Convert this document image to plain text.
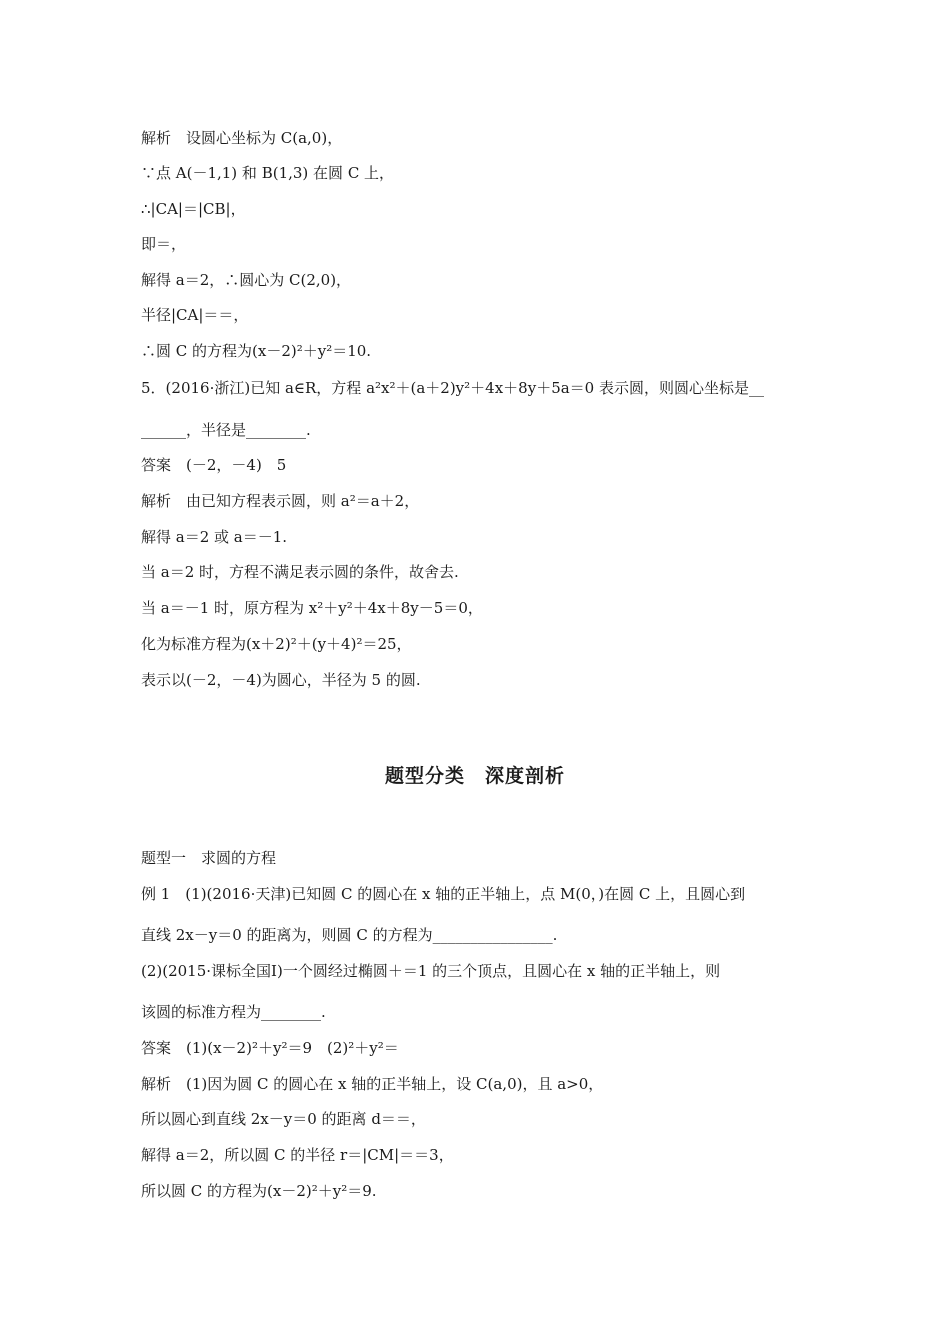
解析　设圆心坐标为 C(a,0)，
∵点 A(－1,1) 和 B(1,3) 在圆 C 上，
∴|CA|＝|CB|，
即＝，
解得 a＝2，∴圆心为 C(2,0)，
半径|CA|＝＝，
∴圆 C 的方程为(x－2)²＋y²＝10.
5．(2016·浙江)已知 a∈R，方程 a²x²＋(a＋2)y²＋4x＋8y＋5a＝0 表示圆，则圆心坐标是__
______，半径是________.
答案　(－2，－4)　5
解析　由已知方程表示圆，则 a²＝a＋2，
解得 a＝2 或 a＝－1.
当 a＝2 时，方程不满足表示圆的条件，故舍去.
当 a＝－1 时，原方程为 x²＋y²＋4x＋8y－5＝0，
化为标准方程为(x＋2)²＋(y＋4)²＝25，
表示以(－2，－4)为圆心，半径为 5 的圆.
题型分类　深度剖析
题型一　求圆的方程
例 1　(1)(2016·天津)已知圆 C 的圆心在 x 轴的正半轴上，点 M(0，)在圆 C 上，且圆心到
直线 2x－y＝0 的距离为，则圆 C 的方程为________________.
(2)(2015·课标全国Ⅰ)一个圆经过椭圆＋＝1 的三个顶点，且圆心在 x 轴的正半轴上，则
该圆的标准方程为________.
答案　(1)(x－2)²＋y²＝9　(2)²＋y²＝
解析　(1)因为圆 C 的圆心在 x 轴的正半轴上，设 C(a,0)，且 a>0，
所以圆心到直线 2x－y＝0 的距离 d＝＝，
解得 a＝2，所以圆 C 的半径 r＝|CM|＝＝3，
所以圆 C 的方程为(x－2)²＋y²＝9.
